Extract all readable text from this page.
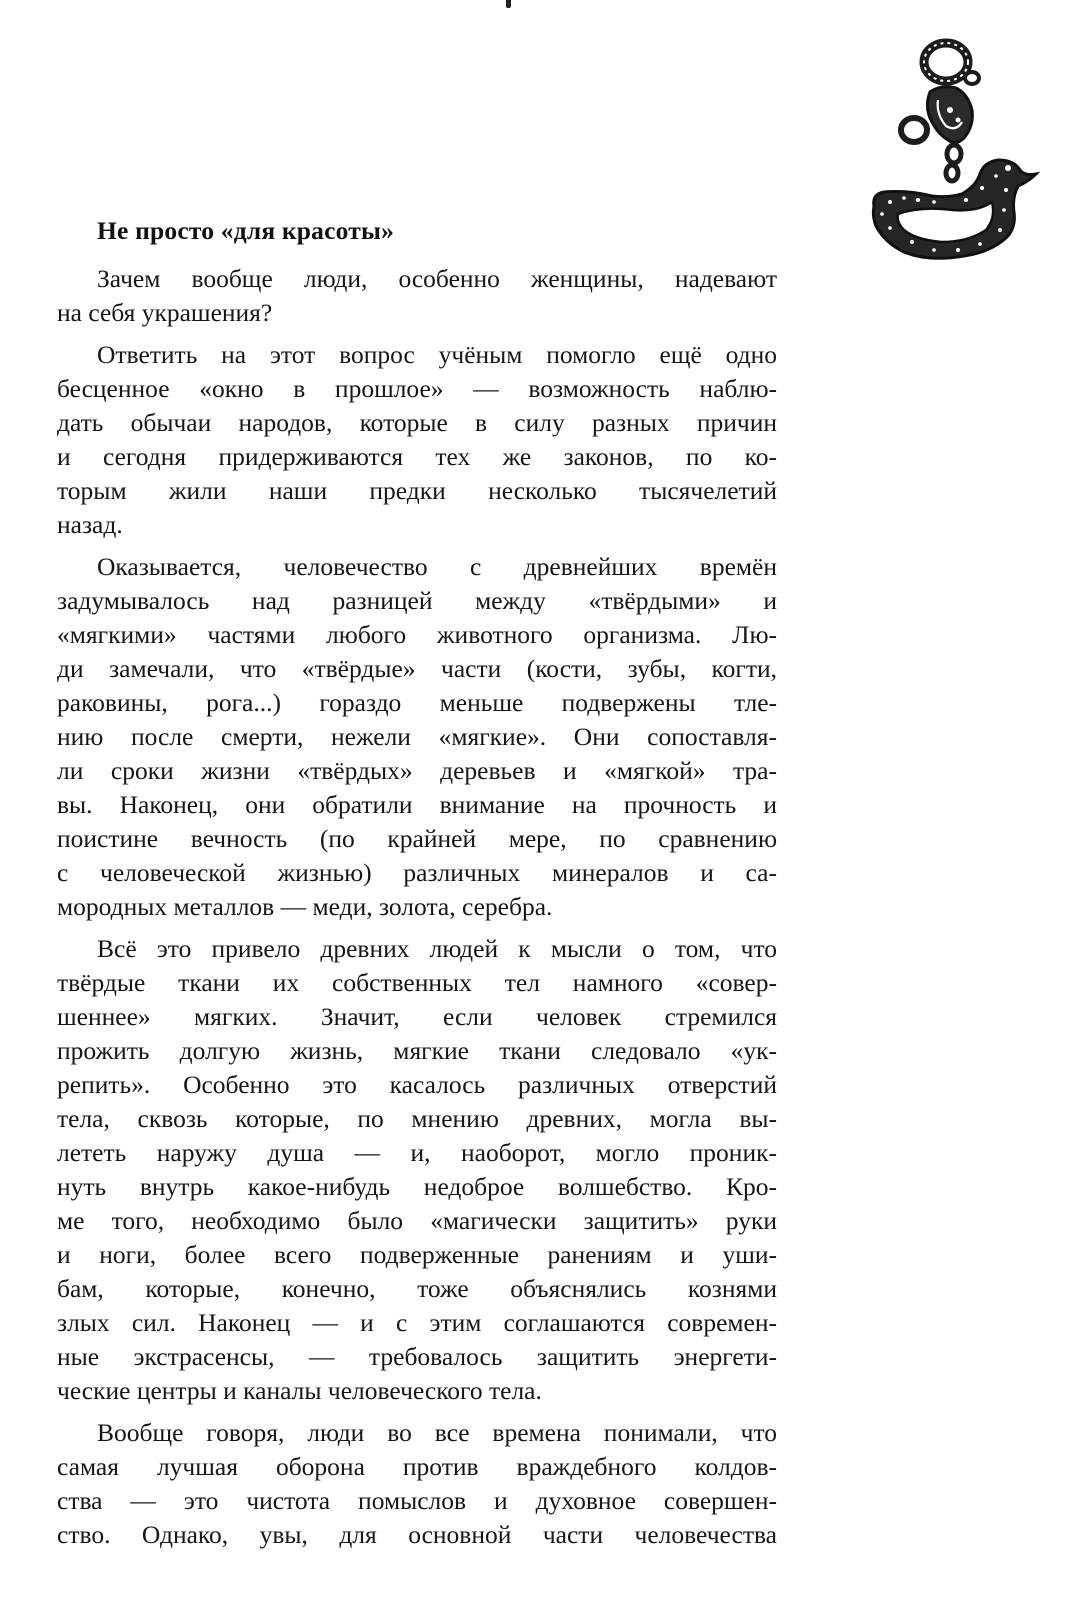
Не просто «для красоты»
Зачем вообще люди, особенно женщины, надевают
на себя украшения?
Ответить на этот вопрос учёным помогло ещё одно
бесценное «окно в прошлое» — возможность наблю-
дать обычаи народов, которые в силу разных причин
и сегодня придерживаются тех же законов, по ко-
торым жили наши предки несколько тысячелетий
назад.
Оказывается, человечество с древнейших времён
задумывалось над разницей между «твёрдыми» и
«мягкими» частями любого животного организма. Лю-
ди замечали, что «твёрдые» части (кости, зубы, когти,
раковины, рога...) гораздо меньше подвержены тле-
нию после смерти, нежели «мягкие». Они сопоставля-
ли сроки жизни «твёрдых» деревьев и «мягкой» тра-
вы. Наконец, они обратили внимание на прочность и
поистине вечность (по крайней мере, по сравнению
с человеческой жизнью) различных минералов и са-
мородных металлов — меди, золота, серебра.
Всё это привело древних людей к мысли о том, что
твёрдые ткани их собственных тел намного «совер-
шеннее» мягких. Значит, если человек стремился
прожить долгую жизнь, мягкие ткани следовало «ук-
репить». Особенно это касалось различных отверстий
тела, сквозь которые, по мнению древних, могла вы-
лететь наружу душа — и, наоборот, могло проник-
нуть внутрь какое-нибудь недоброе волшебство. Кро-
ме того, необходимо было «магически защитить» руки
и ноги, более всего подверженные ранениям и уши-
бам, которые, конечно, тоже объяснялись кознями
злых сил. Наконец — и с этим соглашаются современ-
ные экстрасенсы, — требовалось защитить энергети-
ческие центры и каналы человеческого тела.
Вообще говоря, люди во все времена понимали, что
самая лучшая оборона против враждебного колдов-
ства — это чистота помыслов и духовное совершен-
ство. Однако, увы, для основной части человечества
